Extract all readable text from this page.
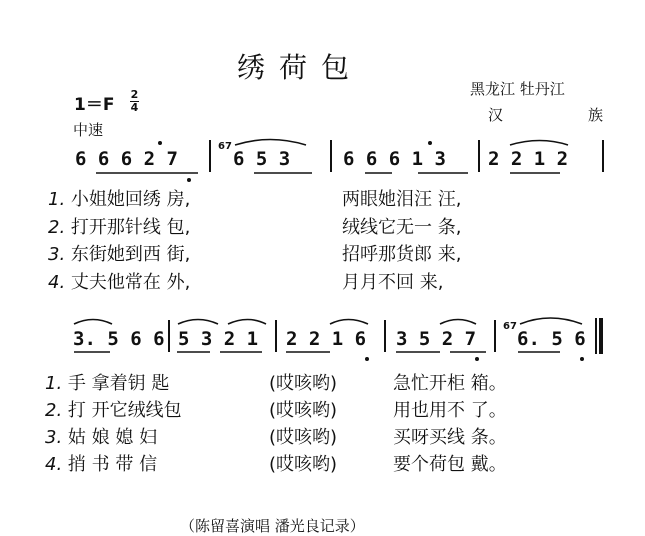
绣荷包
黑龙江 牡丹江
汉	族
1＝F
2
4
中速
6 6 6 2 7
67
6 5 3	6 6 6 1 3 2 2 1 2
1. 小姐她回绣 房,	两眼她泪汪 汪,
2. 打开那针线 包,	绒线它无一 条,
3. 东街她到西 街,	招呼那货郎 来,
4. 丈夫他常在 外,	月月不回 来,
3. 5 6 6 5 3 2 1 2 2 1 6 3 5 2 7
67
6. 5 6
1. 手 拿着钥 匙	(哎咳哟)	急忙开柜 箱。
2. 打 开它绒线包	(哎咳哟)	用也用不 了。
3. 姑 娘 媳 妇	(哎咳哟)	买呀买线 条。
4. 捎 书 带 信	(哎咳哟)	要个荷包 戴。
（陈留喜演唱 潘光良记录）
